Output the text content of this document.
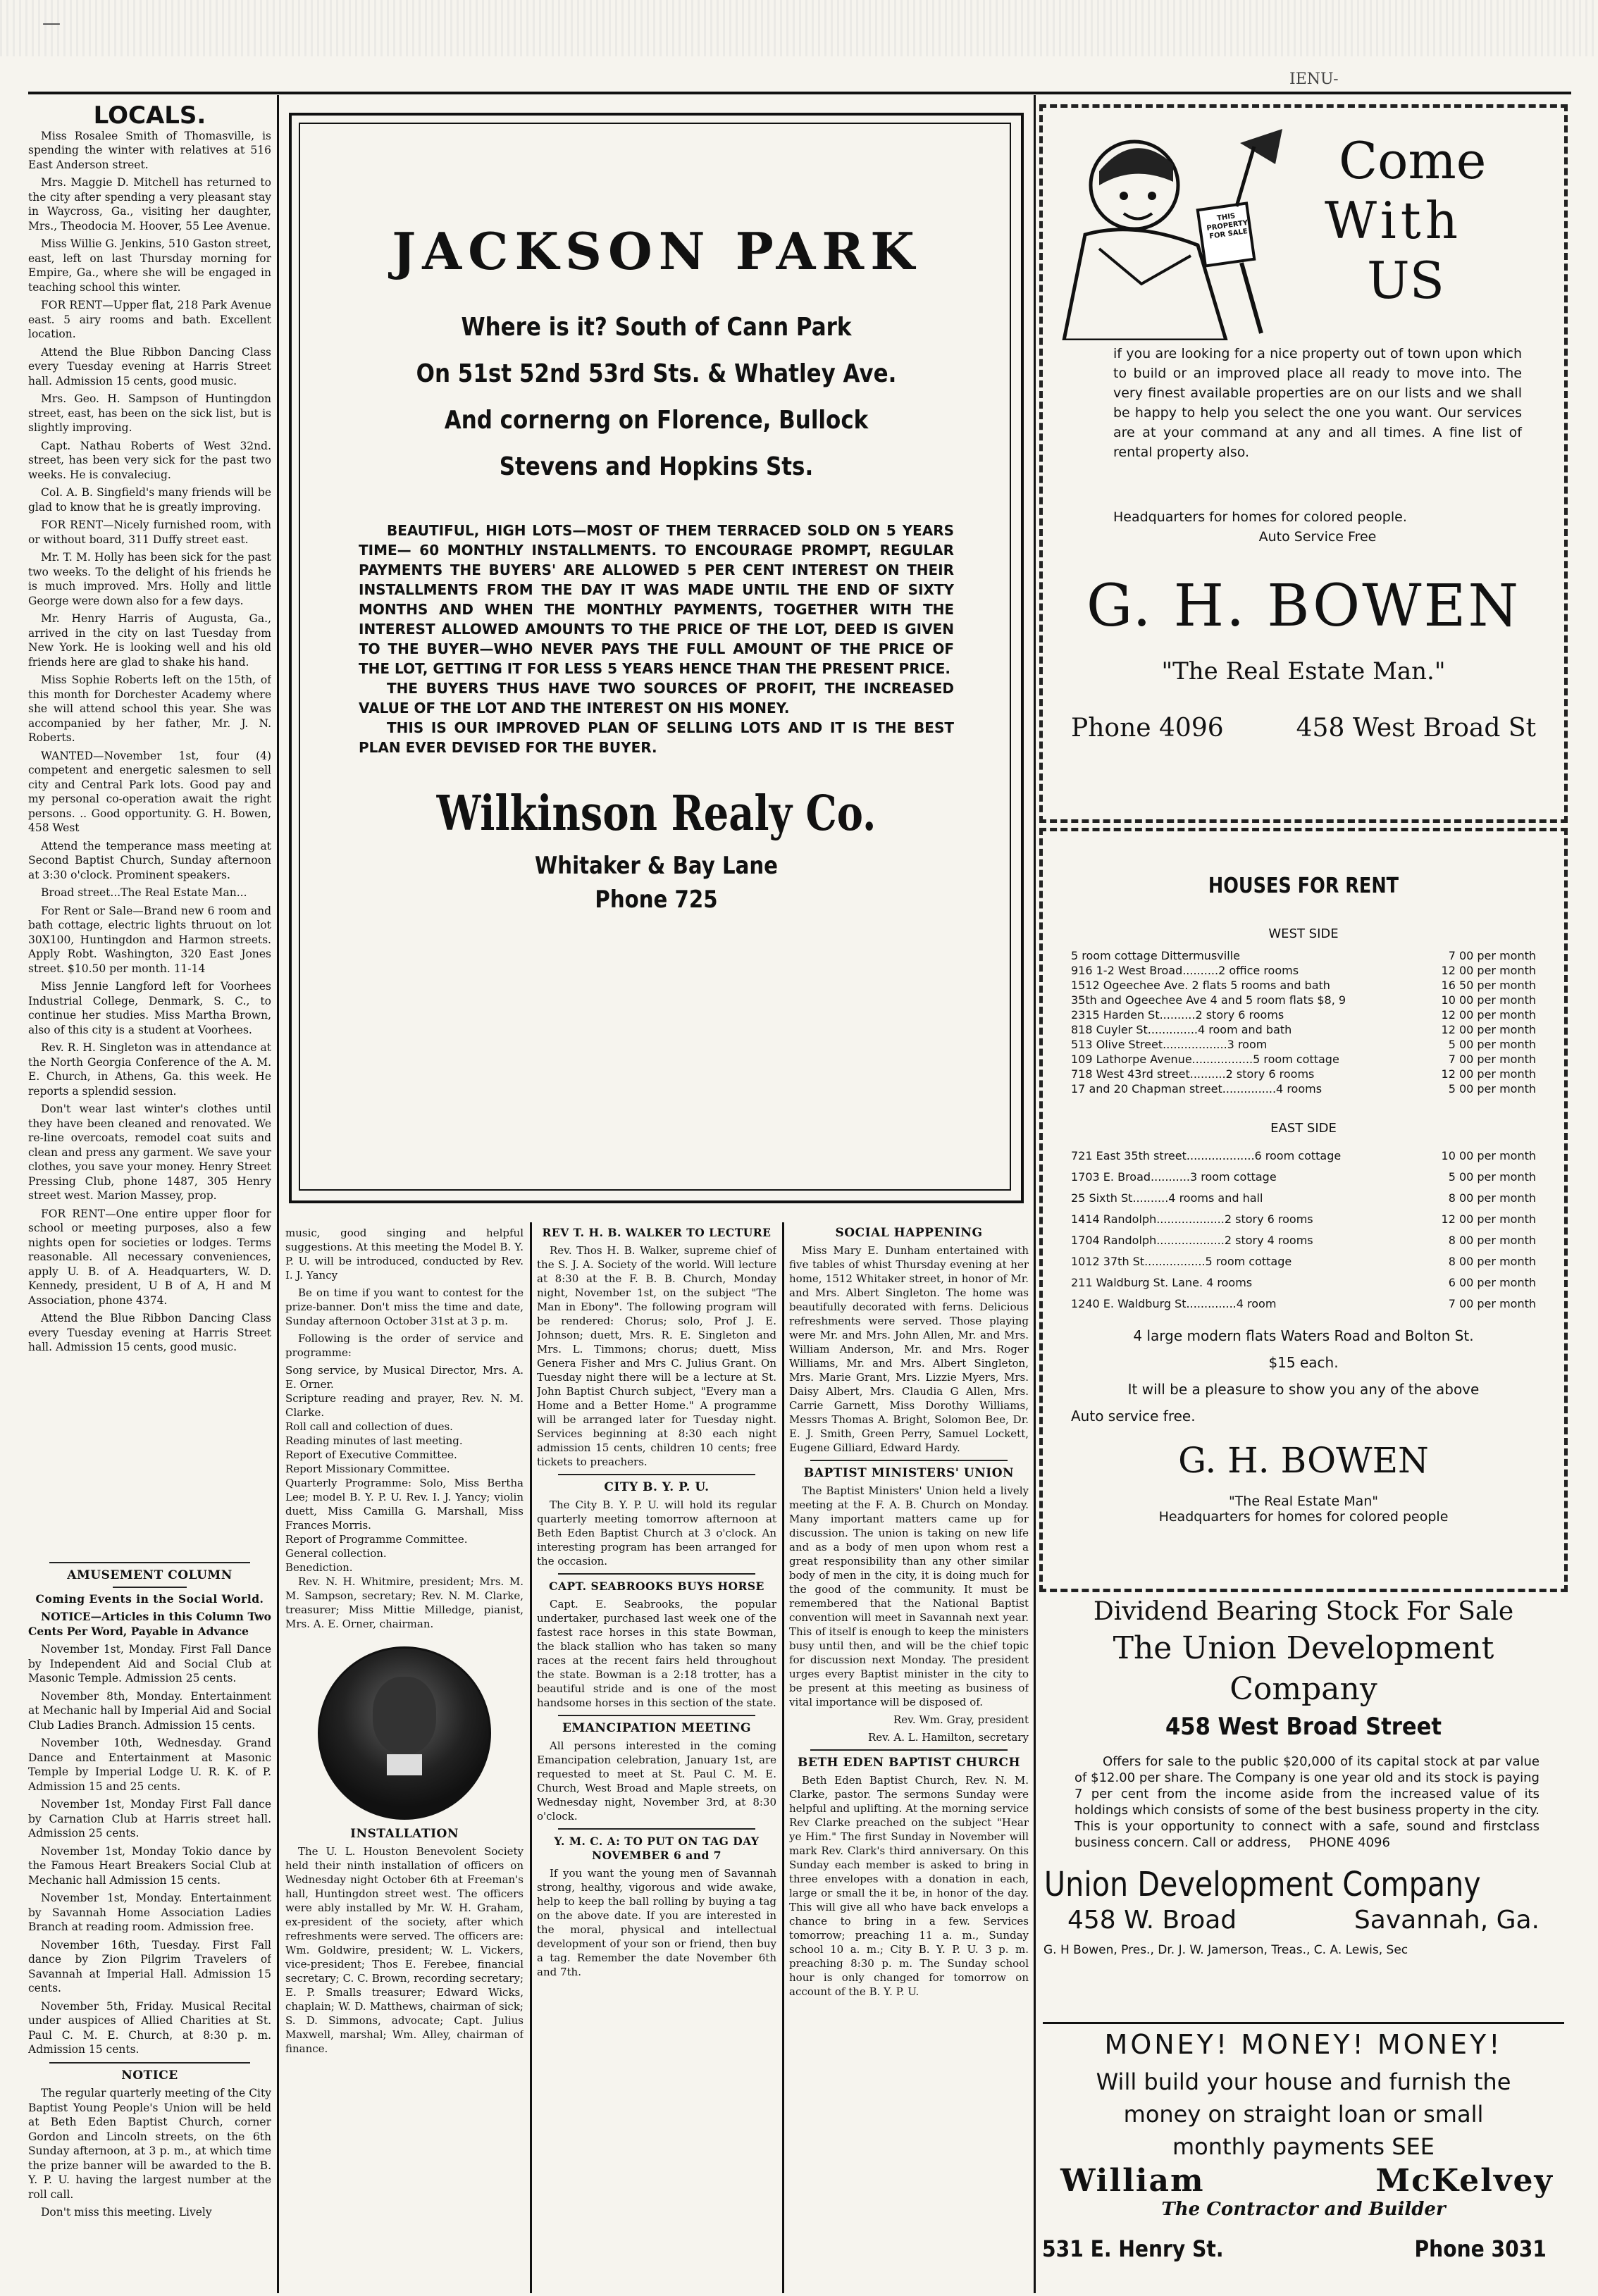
—
IENU-
LOCALS.

Miss Rosalee Smith of Thomasville, is spending the winter with relatives at 516 East Anderson street.

Mrs. Maggie D. Mitchell has returned to the city after spending a very pleasant stay in Waycross, Ga., visiting her daughter, Mrs., Theodocia M. Hoover, 55 Lee Avenue.

Miss Willie G. Jenkins, 510 Gaston street, east, left on last Thursday morning for Empire, Ga., where she will be engaged in teaching school this winter.

FOR RENT—Upper flat, 218 Park Avenue east. 5 airy rooms and bath. Excellent location.

Attend the Blue Ribbon Dancing Class every Tuesday evening at Harris Street hall. Admission 15 cents, good music.

Mrs. Geo. H. Sampson of Huntingdon street, east, has been on the sick list, but is slightly improving.

Capt. Nathau Roberts of West 32nd. street, has been very sick for the past two weeks. He is convaleciug.

Col. A. B. Singfield's many friends will be glad to know that he is greatly improving.

FOR RENT—Nicely furnished room, with or without board, 311 Duffy street east.

Mr. T. M. Holly has been sick for the past two weeks. To the delight of his friends he is much improved. Mrs. Holly and little George were down also for a few days.

Mr. Henry Harris of Augusta, Ga., arrived in the city on last Tuesday from New York. He is looking well and his old friends here are glad to shake his hand.

Miss Sophie Roberts left on the 15th, of this month for Dorchester Academy where she will attend school this year. She was accompanied by her father, Mr. J. N. Roberts.

WANTED—November 1st, four (4) competent and energetic salesmen to sell city and Central Park lots. Good pay and my personal co-operation await the right persons. .. Good opportunity. G. H. Bowen, 458 West

Attend the temperance mass meeting at Second Baptist Church, Sunday afternoon at 3:30 o'clock. Prominent speakers.

Broad street...The Real Estate Man...

For Rent or Sale—Brand new 6 room and bath cottage, electric lights thruout on lot 30X100, Huntingdon and Harmon streets. Apply Robt. Washington, 320 East Jones street. $10.50 per month. 11-14

Miss Jennie Langford left for Voorhees Industrial College, Denmark, S. C., to continue her studies. Miss Martha Brown, also of this city is a student at Voorhees.

Rev. R. H. Singleton was in attendance at the North Georgia Conference of the A. M. E. Church, in Athens, Ga. this week. He reports a splendid session.

Don't wear last winter's clothes until they have been cleaned and renovated. We re-line overcoats, remodel coat suits and clean and press any garment. We save your clothes, you save your money. Henry Street Pressing Club, phone 1487, 305 Henry street west. Marion Massey, prop.

FOR RENT—One entire upper floor for school or meeting purposes, also a few nights open for societies or lodges. Terms reasonable. All necessary conveniences, apply U. B. of A. Headquarters, W. D. Kennedy, president, U B of A, H and M Association, phone 4374.

Attend the Blue Ribbon Dancing Class every Tuesday evening at Harris Street hall. Admission 15 cents, good music.

AMUSEMENT COLUMN
Coming Events in the Social World.

NOTICE—Articles in this Column Two Cents Per Word, Payable in Advance

November 1st, Monday. First Fall Dance by Independent Aid and Social Club at Masonic Temple. Admission 25 cents.

November 8th, Monday. Entertainment at Mechanic hall by Imperial Aid and Social Club Ladies Branch. Admission 15 cents.

November 10th, Wednesday. Grand Dance and Entertainment at Masonic Temple by Imperial Lodge U. R. K. of P. Admission 15 and 25 cents.

November 1st, Monday First Fall dance by Carnation Club at Harris street hall. Admission 25 cents.

November 1st, Monday Tokio dance by the Famous Heart Breakers Social Club at Mechanic hall Admission 15 cents.

November 1st, Monday. Entertainment by Savannah Home Association Ladies Branch at reading room. Admission free.

November 16th, Tuesday. First Fall dance by Zion Pilgrim Travelers of Savannah at Imperial Hall. Admission 15 cents.

November 5th, Friday. Musical Recital under auspices of Allied Charities at St. Paul C. M. E. Church, at 8:30 p. m. Admission 15 cents.

NOTICE

The regular quarterly meeting of the City Baptist Young People's Union will be held at Beth Eden Baptist Church, corner Gordon and Lincoln streets, on the 6th Sunday afternoon, at 3 p. m., at which time the prize banner will be awarded to the B. Y. P. U. having the largest number at the roll call.

Don't miss this meeting. Lively

JACKSON PARK
Where is it? South of Cann Park
On 51st 52nd 53rd Sts. & Whatley Ave.
And cornerng on Florence, Bullock
Stevens and Hopkins Sts.

BEAUTIFUL, HIGH LOTS—MOST OF THEM TERRACED SOLD ON 5 YEARS TIME— 60 MONTHLY INSTALLMENTS. TO ENCOURAGE PROMPT, REGULAR PAYMENTS THE BUYERS' ARE ALLOWED 5 PER CENT INTEREST ON THEIR INSTALLMENTS FROM THE DAY IT WAS MADE UNTIL THE END OF SIXTY MONTHS AND WHEN THE MONTHLY PAYMENTS, TOGETHER WITH THE INTEREST ALLOWED AMOUNTS TO THE PRICE OF THE LOT, DEED IS GIVEN TO THE BUYER—WHO NEVER PAYS THE FULL AMOUNT OF THE PRICE OF THE LOT, GETTING IT FOR LESS 5 YEARS HENCE THAN THE PRESENT PRICE.

THE BUYERS THUS HAVE TWO SOURCES OF PROFIT, THE INCREASED VALUE OF THE LOT AND THE INTEREST ON HIS MONEY.

THIS IS OUR IMPROVED PLAN OF SELLING LOTS AND IT IS THE BEST PLAN EVER DEVISED FOR THE BUYER.

Wilkinson Realy Co.
Whitaker & Bay Lane
Phone 725

music, good singing and helpful suggestions. At this meeting the Model B. Y. P. U. will be introduced, conducted by Rev. I. J. Yancy

Be on time if you want to contest for the prize-banner. Don't miss the time and date, Sunday afternoon October 31st at 3 p. m.

Following is the order of service and programme:

Song service, by Musical Director, Mrs. A. E. Orner.

Scripture reading and prayer, Rev. N. M. Clarke.

Roll call and collection of dues.

Reading minutes of last meeting.

Report of Executive Committee.

Report Missionary Committee.

Quarterly Programme: Solo, Miss Bertha Lee; model B. Y. P. U. Rev. I. J. Yancy; violin duett, Miss Camilla G. Marshall, Miss Frances Morris.

Report of Programme Committee.

General collection.

Benediction.

Rev. N. H. Whitmire, president; Mrs. M. M. Sampson, secretary; Rev. N. M. Clarke, treasurer; Miss Mittie Milledge, pianist, Mrs. A. E. Orner, chairman.

INSTALLATION

The U. L. Houston Benevolent Society held their ninth installation of officers on Wednesday night October 6th at Freeman's hall, Huntingdon street west. The officers were ably installed by Mr. W. H. Graham, ex-president of the society, after which refreshments were served. The officers are: Wm. Goldwire, president; W. L. Vickers, vice-president; Thos E. Ferebee, financial secretary; C. C. Brown, recording secretary; E. P. Smalls treasurer; Edward Wicks, chaplain; W. D. Matthews, chairman of sick; S. D. Simmons, advocate; Capt. Julius Maxwell, marshal; Wm. Alley, chairman of finance.

REV T. H. B. WALKER TO LECTURE

Rev. Thos H. B. Walker, supreme chief of the S. J. A. Society of the world. Will lecture at 8:30 at the F. B. B. Church, Monday night, November 1st, on the subject "The Man in Ebony". The following program will be rendered: Chorus; solo, Prof J. E. Johnson; duett, Mrs. R. E. Singleton and Mrs. L. Timmons; chorus; duett, Miss Genera Fisher and Mrs C. Julius Grant. On Tuesday night there will be a lecture at St. John Baptist Church subject, "Every man a Home and a Better Home." A programme will be arranged later for Tuesday night. Services beginning at 8:30 each night admission 15 cents, children 10 cents; free tickets to preachers.

CITY B. Y. P. U.

The City B. Y. P. U. will hold its regular quarterly meeting tomorrow afternoon at Beth Eden Baptist Church at 3 o'clock. An interesting program has been arranged for the occasion.

CAPT. SEABROOKS BUYS HORSE

Capt. E. Seabrooks, the popular undertaker, purchased last week one of the fastest race horses in this state Bowman, the black stallion who has taken so many races at the recent fairs held throughout the state. Bowman is a 2:18 trotter, has a beautiful stride and is one of the most handsome horses in this section of the state.

EMANCIPATION MEETING

All persons interested in the coming Emancipation celebration, January 1st, are requested to meet at St. Paul C. M. E. Church, West Broad and Maple streets, on Wednesday night, November 3rd, at 8:30 o'clock.

Y. M. C. A: TO PUT ON TAG DAY NOVEMBER 6 and 7

If you want the young men of Savannah strong, healthy, vigorous and wide awake, help to keep the ball rolling by buying a tag on the above date. If you are interested in the moral, physical and intellectual development of your son or friend, then buy a tag. Remember the date November 6th and 7th.

SOCIAL HAPPENING

Miss Mary E. Dunham entertained with five tables of whist Thursday evening at her home, 1512 Whitaker street, in honor of Mr. and Mrs. Albert Singleton. The home was beautifully decorated with ferns. Delicious refreshments were served. Those playing were Mr. and Mrs. John Allen, Mr. and Mrs. William Anderson, Mr. and Mrs. Roger Williams, Mr. and Mrs. Albert Singleton, Mrs. Marie Grant, Mrs. Lizzie Myers, Mrs. Daisy Albert, Mrs. Claudia G Allen, Mrs. Carrie Garnett, Miss Dorothy Williams, Messrs Thomas A. Bright, Solomon Bee, Dr. E. J. Smith, Green Perry, Samuel Lockett, Eugene Gilliard, Edward Hardy.

BAPTIST MINISTERS' UNION

The Baptist Ministers' Union held a lively meeting at the F. A. B. Church on Monday. Many important matters came up for discussion. The union is taking on new life and as a body of men upon whom rest a great responsibility than any other similar body of men in the city, it is doing much for the good of the community. It must be remembered that the National Baptist convention will meet in Savannah next year. This of itself is enough to keep the ministers busy until then, and will be the chief topic for discussion next Monday. The president urges every Baptist minister in the city to be present at this meeting as business of vital importance will be disposed of.

Rev. Wm. Gray, president

Rev. A. L. Hamilton, secretary

BETH EDEN BAPTIST CHURCH

Beth Eden Baptist Church, Rev. N. M. Clarke, pastor. The sermons Sunday were helpful and uplifting. At the morning service Rev Clarke preached on the subject "Hear ye Him." The first Sunday in November will mark Rev. Clark's third anniversary. On this Sunday each member is asked to bring in three envelopes with a donation in each, large or small the it be, in honor of the day. This will give all who have back envelops a chance to bring in a few. Services tomorrow; preaching 11 a. m., Sunday school 10 a. m.; City B. Y. P. U. 3 p. m. preaching 8:30 p. m. The Sunday school hour is only changed for tomorrow on account of the B. Y. P. U.

THIS PROPERTY FOR SALE
Come
With
US
if you are looking for a nice property out of town upon which to build or an improved place all ready to move into. The very finest available properties are on our lists and we shall be happy to help you select the one you want. Our services are at your command at any and all times. A fine list of rental property also.
Headquarters for homes for colored people.
Auto Service Free
G. H. BOWEN
"The Real Estate Man."
Phone 4096	458 West Broad St
HOUSES FOR RENT
WEST SIDE
5 room cottage Dittermusville	7 00 per month
916 1-2 West Broad..........2 office rooms	12 00 per month
1512 Ogeechee Ave. 2 flats 5 rooms and bath	16 50 per month
35th and Ogeechee Ave 4 and 5 room flats $8, 9	10 00 per month
2315 Harden St..........2 story 6 rooms	12 00 per month
818 Cuyler St..............4 room and bath	12 00 per month
513 Olive Street..................3 room	5 00 per month
109 Lathorpe Avenue.................5 room cottage	7 00 per month
718 West 43rd street..........2 story 6 rooms	12 00 per month
17 and 20 Chapman street...............4 rooms	5 00 per month
EAST SIDE
721 East 35th street...................6 room cottage	10 00 per month
1703 E. Broad...........3 room cottage	5 00 per month
25 Sixth St..........4 rooms and hall	8 00 per month
1414 Randolph...................2 story 6 rooms	12 00 per month
1704 Randolph...................2 story 4 rooms	8 00 per month
1012 37th St.................5 room cottage	8 00 per month
211 Waldburg St. Lane. 4 rooms	6 00 per month
1240 E. Waldburg St..............4 room	7 00 per month
4 large modern flats Waters Road and Bolton St.
$15 each.
It will be a pleasure to show you any of the above
Auto service free.
G. H. BOWEN
"The Real Estate Man"
Headquarters for homes for colored people
Dividend Bearing Stock For Sale
The Union Development Company
458 West Broad Street
Offers for sale to the public $20,000 of its capital stock at par value of $12.00 per share. The Company is one year old and its stock is paying 7 per cent from the income aside from the increased value of its holdings which consists of some of the best business property in the city. This is your opportunity to connect with a safe, sound and firstclass business concern. Call or address, PHONE 4096
Union Development Company
458 W. Broad	Savannah, Ga.
G. H Bowen, Pres., Dr. J. W. Jamerson, Treas., C. A. Lewis, Sec
MONEY! MONEY! MONEY!
Will build your house and furnish the
money on straight loan or small
monthly payments SEE
William	McKelvey
The Contractor and Builder
531 E. Henry St.	Phone 3031
